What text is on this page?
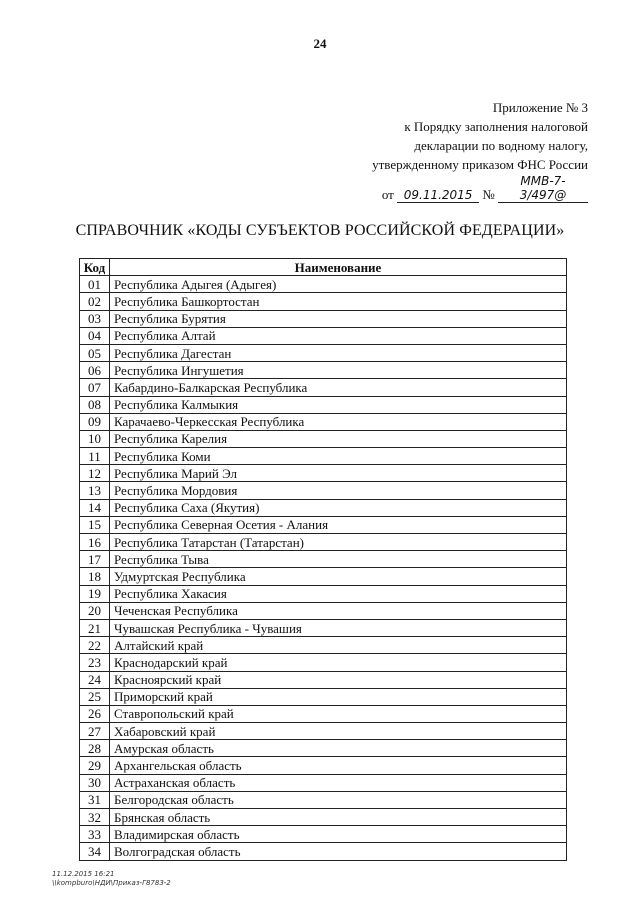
24
Приложение № 3
к Порядку заполнения налоговой
декларации по водному налогу,
утвержденному приказом ФНС России
от 09.11.2015 № ММВ-7-3/497@
СПРАВОЧНИК «КОДЫ СУБЪЕКТОВ РОССИЙСКОЙ ФЕДЕРАЦИИ»
Код	Наименование
01	Республика Адыгея (Адыгея)
02	Республика Башкортостан
03	Республика Бурятия
04	Республика Алтай
05	Республика Дагестан
06	Республика Ингушетия
07	Кабардино-Балкарская Республика
08	Республика Калмыкия
09	Карачаево-Черкесская Республика
10	Республика Карелия
11	Республика Коми
12	Республика Марий Эл
13	Республика Мордовия
14	Республика Саха (Якутия)
15	Республика Северная Осетия - Алания
16	Республика Татарстан (Татарстан)
17	Республика Тыва
18	Удмуртская Республика
19	Республика Хакасия
20	Чеченская Республика
21	Чувашская Республика - Чувашия
22	Алтайский край
23	Краснодарский край
24	Красноярский край
25	Приморский край
26	Ставропольский край
27	Хабаровский край
28	Амурская область
29	Архангельская область
30	Астраханская область
31	Белгородская область
32	Брянская область
33	Владимирская область
34	Волгоградская область
11.12.2015 16:21
\\kompburo\НДИ\Приказ-Г8783-2
